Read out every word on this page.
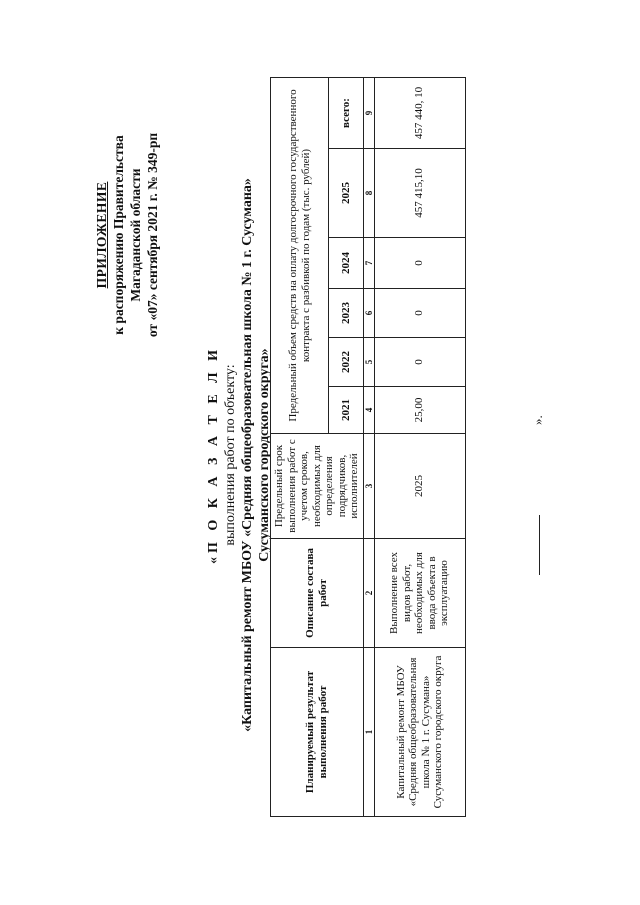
ПРИЛОЖЕНИЕ к распоряжению Правительства Магаданской области от «07» сентября 2021 г. № 349-рп
«П О К А З А Т Е Л И выполнения работ по объекту: «Капитальный ремонт МБОУ «Средняя общеобразовательная школа № 1 г. Сусумана» Сусуманского городского округа»
Планируемый результат выполнения работ	Описание состава работ	Предельный срок выполнения работ с учетом сроков, необходимых для определения подрядчиков, исполнителей	Предельный объем средств на оплату долгосрочного государственного контракта с разбивкой по годам (тыс. рублей)					
			2021	2022	2023	2024	2025	всего:
1	2	3	4	5	6	7	8	9
Капитальный ремонт МБОУ «Средняя общеобразовательная школа № 1 г. Сусумана» Сусуманского городского округа	Выполнение всех видов работ, необходимых для ввода объекта в эксплуатацию	2025	25,00	0	0	0	457 415,10	457 440, 10
».
